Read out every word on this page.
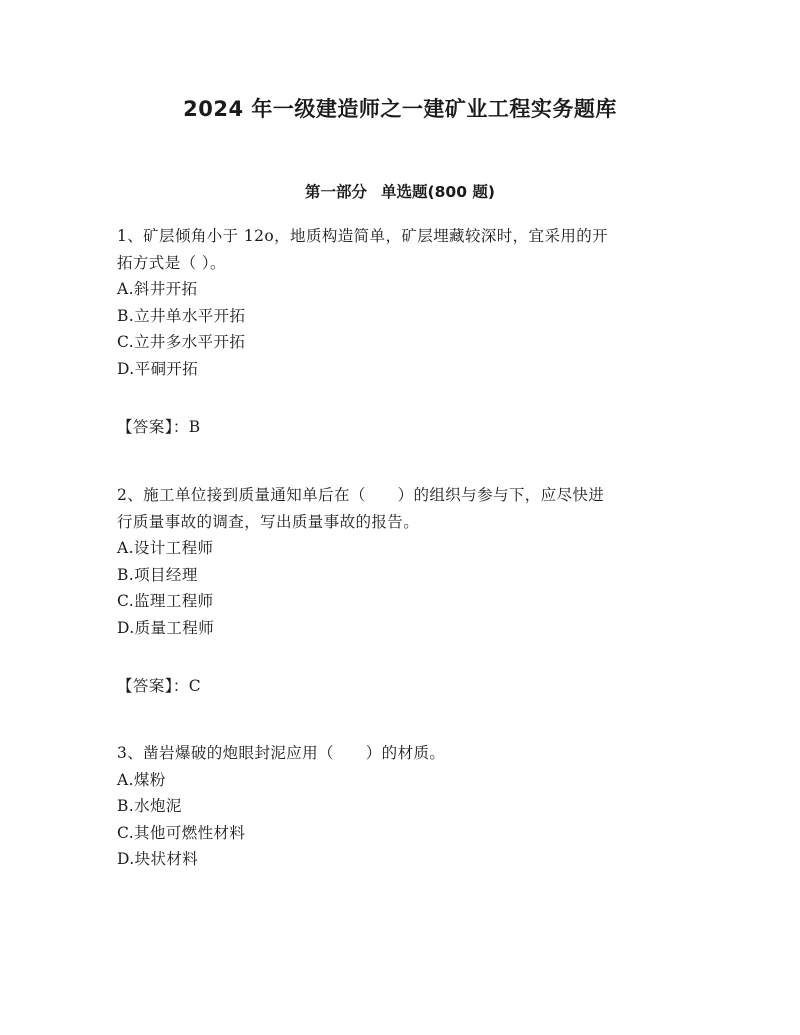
2024 年一级建造师之一建矿业工程实务题库
第一部分 单选题(800 题)
1、矿层倾角小于 12o，地质构造简单，矿层埋藏较深时，宜采用的开
拓方式是（ ）。
A.斜井开拓
B.立井单水平开拓
C.立井多水平开拓
D.平硐开拓
【答案】：B
2、施工单位接到质量通知单后在（　　）的组织与参与下，应尽快进
行质量事故的调查，写出质量事故的报告。
A.设计工程师
B.项目经理
C.监理工程师
D.质量工程师
【答案】：C
3、凿岩爆破的炮眼封泥应用（　　）的材质。
A.煤粉
B.水炮泥
C.其他可燃性材料
D.块状材料
